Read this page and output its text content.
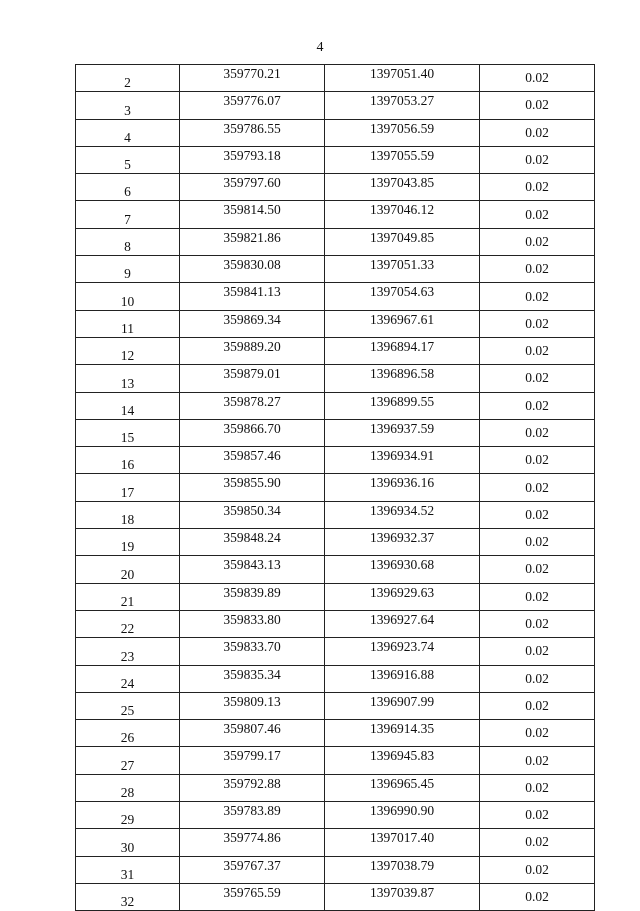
4
2	359770.21	1397051.40	0.02
3	359776.07	1397053.27	0.02
4	359786.55	1397056.59	0.02
5	359793.18	1397055.59	0.02
6	359797.60	1397043.85	0.02
7	359814.50	1397046.12	0.02
8	359821.86	1397049.85	0.02
9	359830.08	1397051.33	0.02
10	359841.13	1397054.63	0.02
11	359869.34	1396967.61	0.02
12	359889.20	1396894.17	0.02
13	359879.01	1396896.58	0.02
14	359878.27	1396899.55	0.02
15	359866.70	1396937.59	0.02
16	359857.46	1396934.91	0.02
17	359855.90	1396936.16	0.02
18	359850.34	1396934.52	0.02
19	359848.24	1396932.37	0.02
20	359843.13	1396930.68	0.02
21	359839.89	1396929.63	0.02
22	359833.80	1396927.64	0.02
23	359833.70	1396923.74	0.02
24	359835.34	1396916.88	0.02
25	359809.13	1396907.99	0.02
26	359807.46	1396914.35	0.02
27	359799.17	1396945.83	0.02
28	359792.88	1396965.45	0.02
29	359783.89	1396990.90	0.02
30	359774.86	1397017.40	0.02
31	359767.37	1397038.79	0.02
32	359765.59	1397039.87	0.02
